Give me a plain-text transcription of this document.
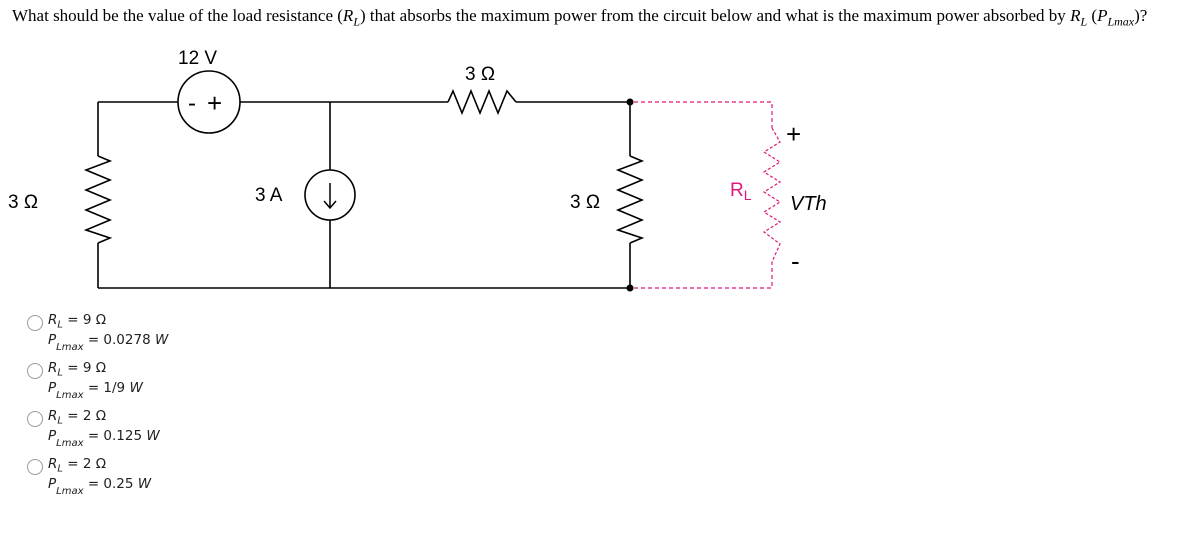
What should be the value of the load resistance $(R_L)$ that absorbs the maximum power from the circuit below and what is the maximum power absorbed by $R_L$ $(P_{Lmax})$?
- +
12 V
3 Ω
3 Ω	3 A	3 Ω
$R_L$
+
VTh
-
$R_L = 9$ Ω
$P_{Lmax} = 0.0278$ W
$R_L = 9$ Ω
$P_{Lmax} = 1/9$ W
$R_L = 2$ Ω
$P_{Lmax} = 0.125$ W
$R_L = 2$ Ω
$P_{Lmax} = 0.25$ W
